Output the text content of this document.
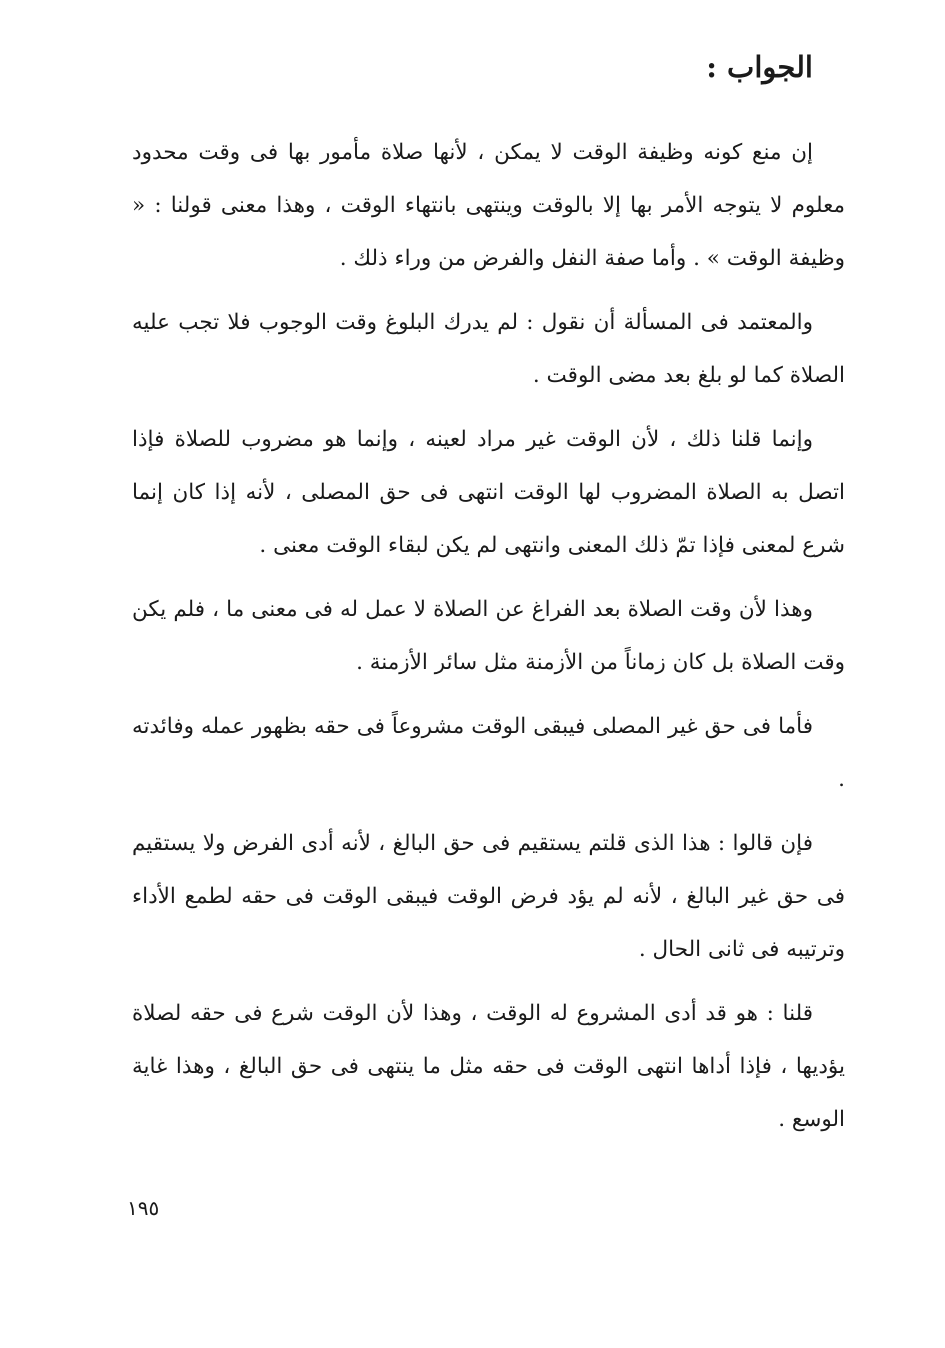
الجواب :

إن منع كونه وظيفة الوقت لا يمكن ، لأنها صلاة مأمور بها فى وقت محدود معلوم لا يتوجه الأمر بها إلا بالوقت وينتهى بانتهاء الوقت ، وهذا معنى قولنا : « وظيفة الوقت » . وأما صفة النفل والفرض من وراء ذلك .

والمعتمد فى المسألة أن نقول : لم يدرك البلوغ وقت الوجوب فلا تجب عليه الصلاة كما لو بلغ بعد مضى الوقت .

وإنما قلنا ذلك ، لأن الوقت غير مراد لعينه ، وإنما هو مضروب للصلاة فإذا اتصل به الصلاة المضروب لها الوقت انتهى فى حق المصلى ، لأنه إذا كان إنما شرع لمعنى فإذا تمّ ذلك المعنى وانتهى لم يكن لبقاء الوقت معنى .

وهذا لأن وقت الصلاة بعد الفراغ عن الصلاة لا عمل له فى معنى ما ، فلم يكن وقت الصلاة بل كان زماناً من الأزمنة مثل سائر الأزمنة .

فأما فى حق غير المصلى فيبقى الوقت مشروعاً فى حقه بظهور عمله وفائدته .

فإن قالوا : هذا الذى قلتم يستقيم فى حق البالغ ، لأنه أدى الفرض ولا يستقيم فى حق غير البالغ ، لأنه لم يؤد فرض الوقت فيبقى الوقت فى حقه لطمع الأداء وترتيبه فى ثانى الحال .

قلنا : هو قد أدى المشروع له الوقت ، وهذا لأن الوقت شرع فى حقه لصلاة يؤديها ، فإذا أداها انتهى الوقت فى حقه مثل ما ينتهى فى حق البالغ ، وهذا غاية الوسع .

١٩٥
